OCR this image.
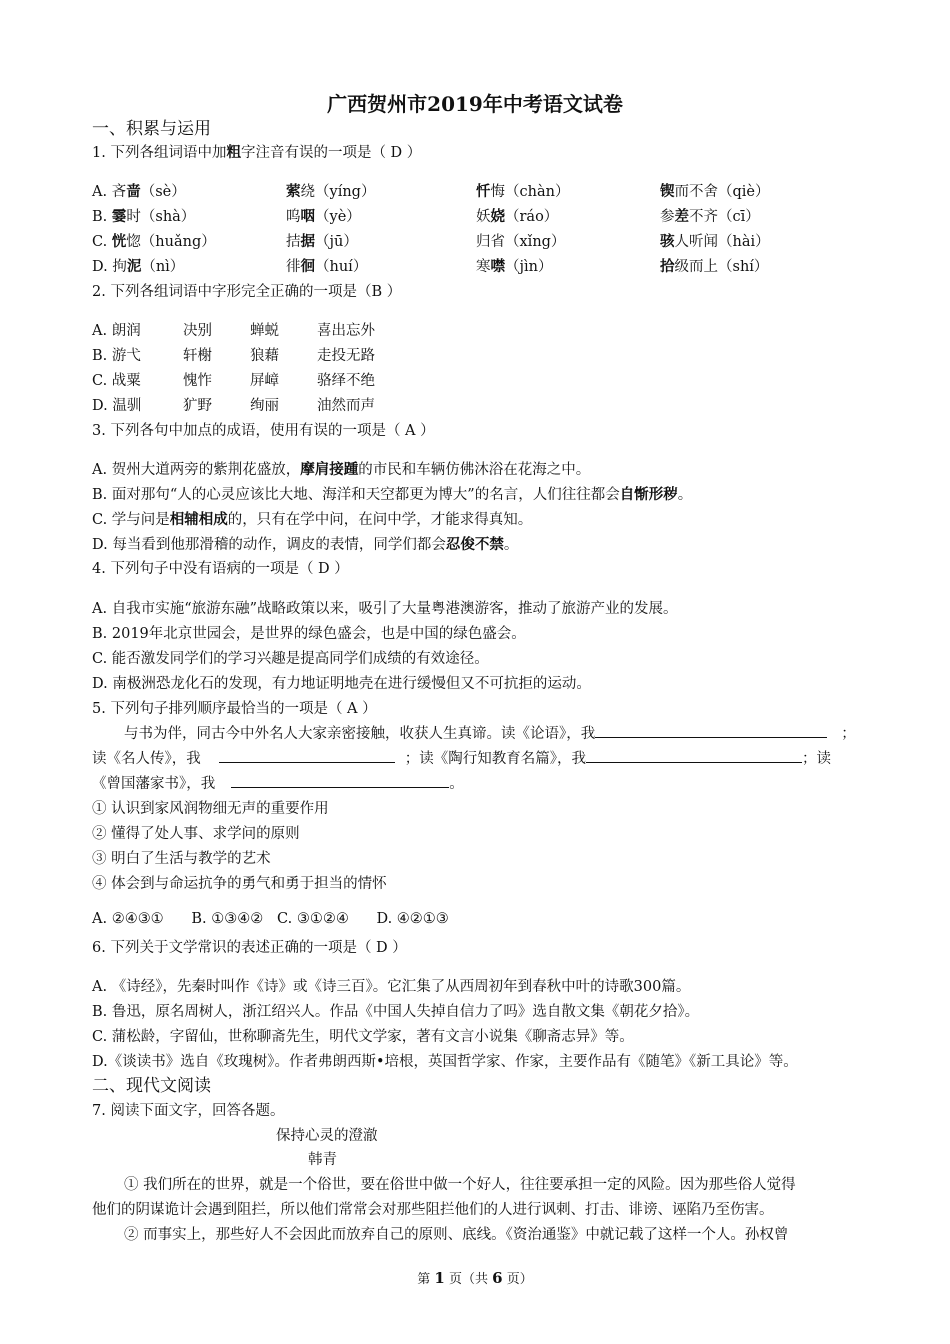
广西贺州市2019年中考语文试卷
一、积累与运用
1. 下列各组词语中加粗字注音有误的一项是（ D ）
A. 吝啬（sè）	萦绕（yíng）	忏悔（chàn）	锲而不舍（qiè）
B. 霎时（shà）	呜咽（yè）	妖娆（ráo）	参差不齐（cī）
C. 恍惚（huǎng）	拮据（jū）	归省（xǐng）	骇人听闻（hài）
D. 拘泥（nì）	徘徊（huí）	寒噤（jìn）	拾级而上（shí）
2. 下列各组词语中字形完全正确的一项是（B ）
A. 朗润	决别	蝉蜕	喜出忘外
B. 游弋	轩榭	狼藉	走投无路
C. 战粟	愧怍	屏嶂	骆绎不绝
D. 温驯	犷野	绚丽	油然而声
3. 下列各句中加点的成语，使用有误的一项是（ A ）
A. 贺州大道两旁的紫荆花盛放，摩肩接踵的市民和车辆仿佛沐浴在花海之中。
B. 面对那句“人的心灵应该比大地、海洋和天空都更为博大”的名言，人们往往都会自惭形秽。
C. 学与问是相辅相成的，只有在学中问，在问中学，才能求得真知。
D. 每当看到他那滑稽的动作，调皮的表情，同学们都会忍俊不禁。
4. 下列句子中没有语病的一项是（ D ）
A. 自我市实施“旅游东融”战略政策以来，吸引了大量粤港澳游客，推动了旅游产业的发展。
B. 2019年北京世园会，是世界的绿色盛会，也是中国的绿色盛会。
C. 能否激发同学们的学习兴趣是提高同学们成绩的有效途径。
D. 南极洲恐龙化石的发现，有力地证明地壳在进行缓慢但又不可抗拒的运动。
5. 下列句子排列顺序最恰当的一项是（ A ）
与书为伴，同古今中外名人大家亲密接触，收获人生真谛。读《论语》，我	；
读《名人传》，我	；读《陶行知教育名篇》，我	；读
《曾国藩家书》，我	。
① 认识到家风润物细无声的重要作用
② 懂得了处人事、求学问的原则
③ 明白了生活与教学的艺术
④ 体会到与命运抗争的勇气和勇于担当的情怀
A. ②④③①      B. ①③④②   C. ③①②④      D. ④②①③
6. 下列关于文学常识的表述正确的一项是（ D ）
A. 《诗经》，先秦时叫作《诗》或《诗三百》。它汇集了从西周初年到春秋中叶的诗歌300篇。
B. 鲁迅，原名周树人，浙江绍兴人。作品《中国人失掉自信力了吗》选自散文集《朝花夕拾》。
C. 蒲松龄，字留仙，世称聊斋先生，明代文学家，著有文言小说集《聊斋志异》等。
D.《谈读书》选自《玫瑰树》。作者弗朗西斯•培根，英国哲学家、作家，主要作品有《随笔》《新工具论》等。
二、现代文阅读
7. 阅读下面文字，回答各题。
保持心灵的澄澈
韩青
① 我们所在的世界，就是一个俗世，要在俗世中做一个好人，往往要承担一定的风险。因为那些俗人觉得
他们的阴谋诡计会遇到阻拦，所以他们常常会对那些阻拦他们的人进行讽刺、打击、诽谤、诬陷乃至伤害。
② 而事实上，那些好人不会因此而放弃自己的原则、底线。《资治通鉴》中就记载了这样一个人。孙权曾
第 1 页（共 6 页）
